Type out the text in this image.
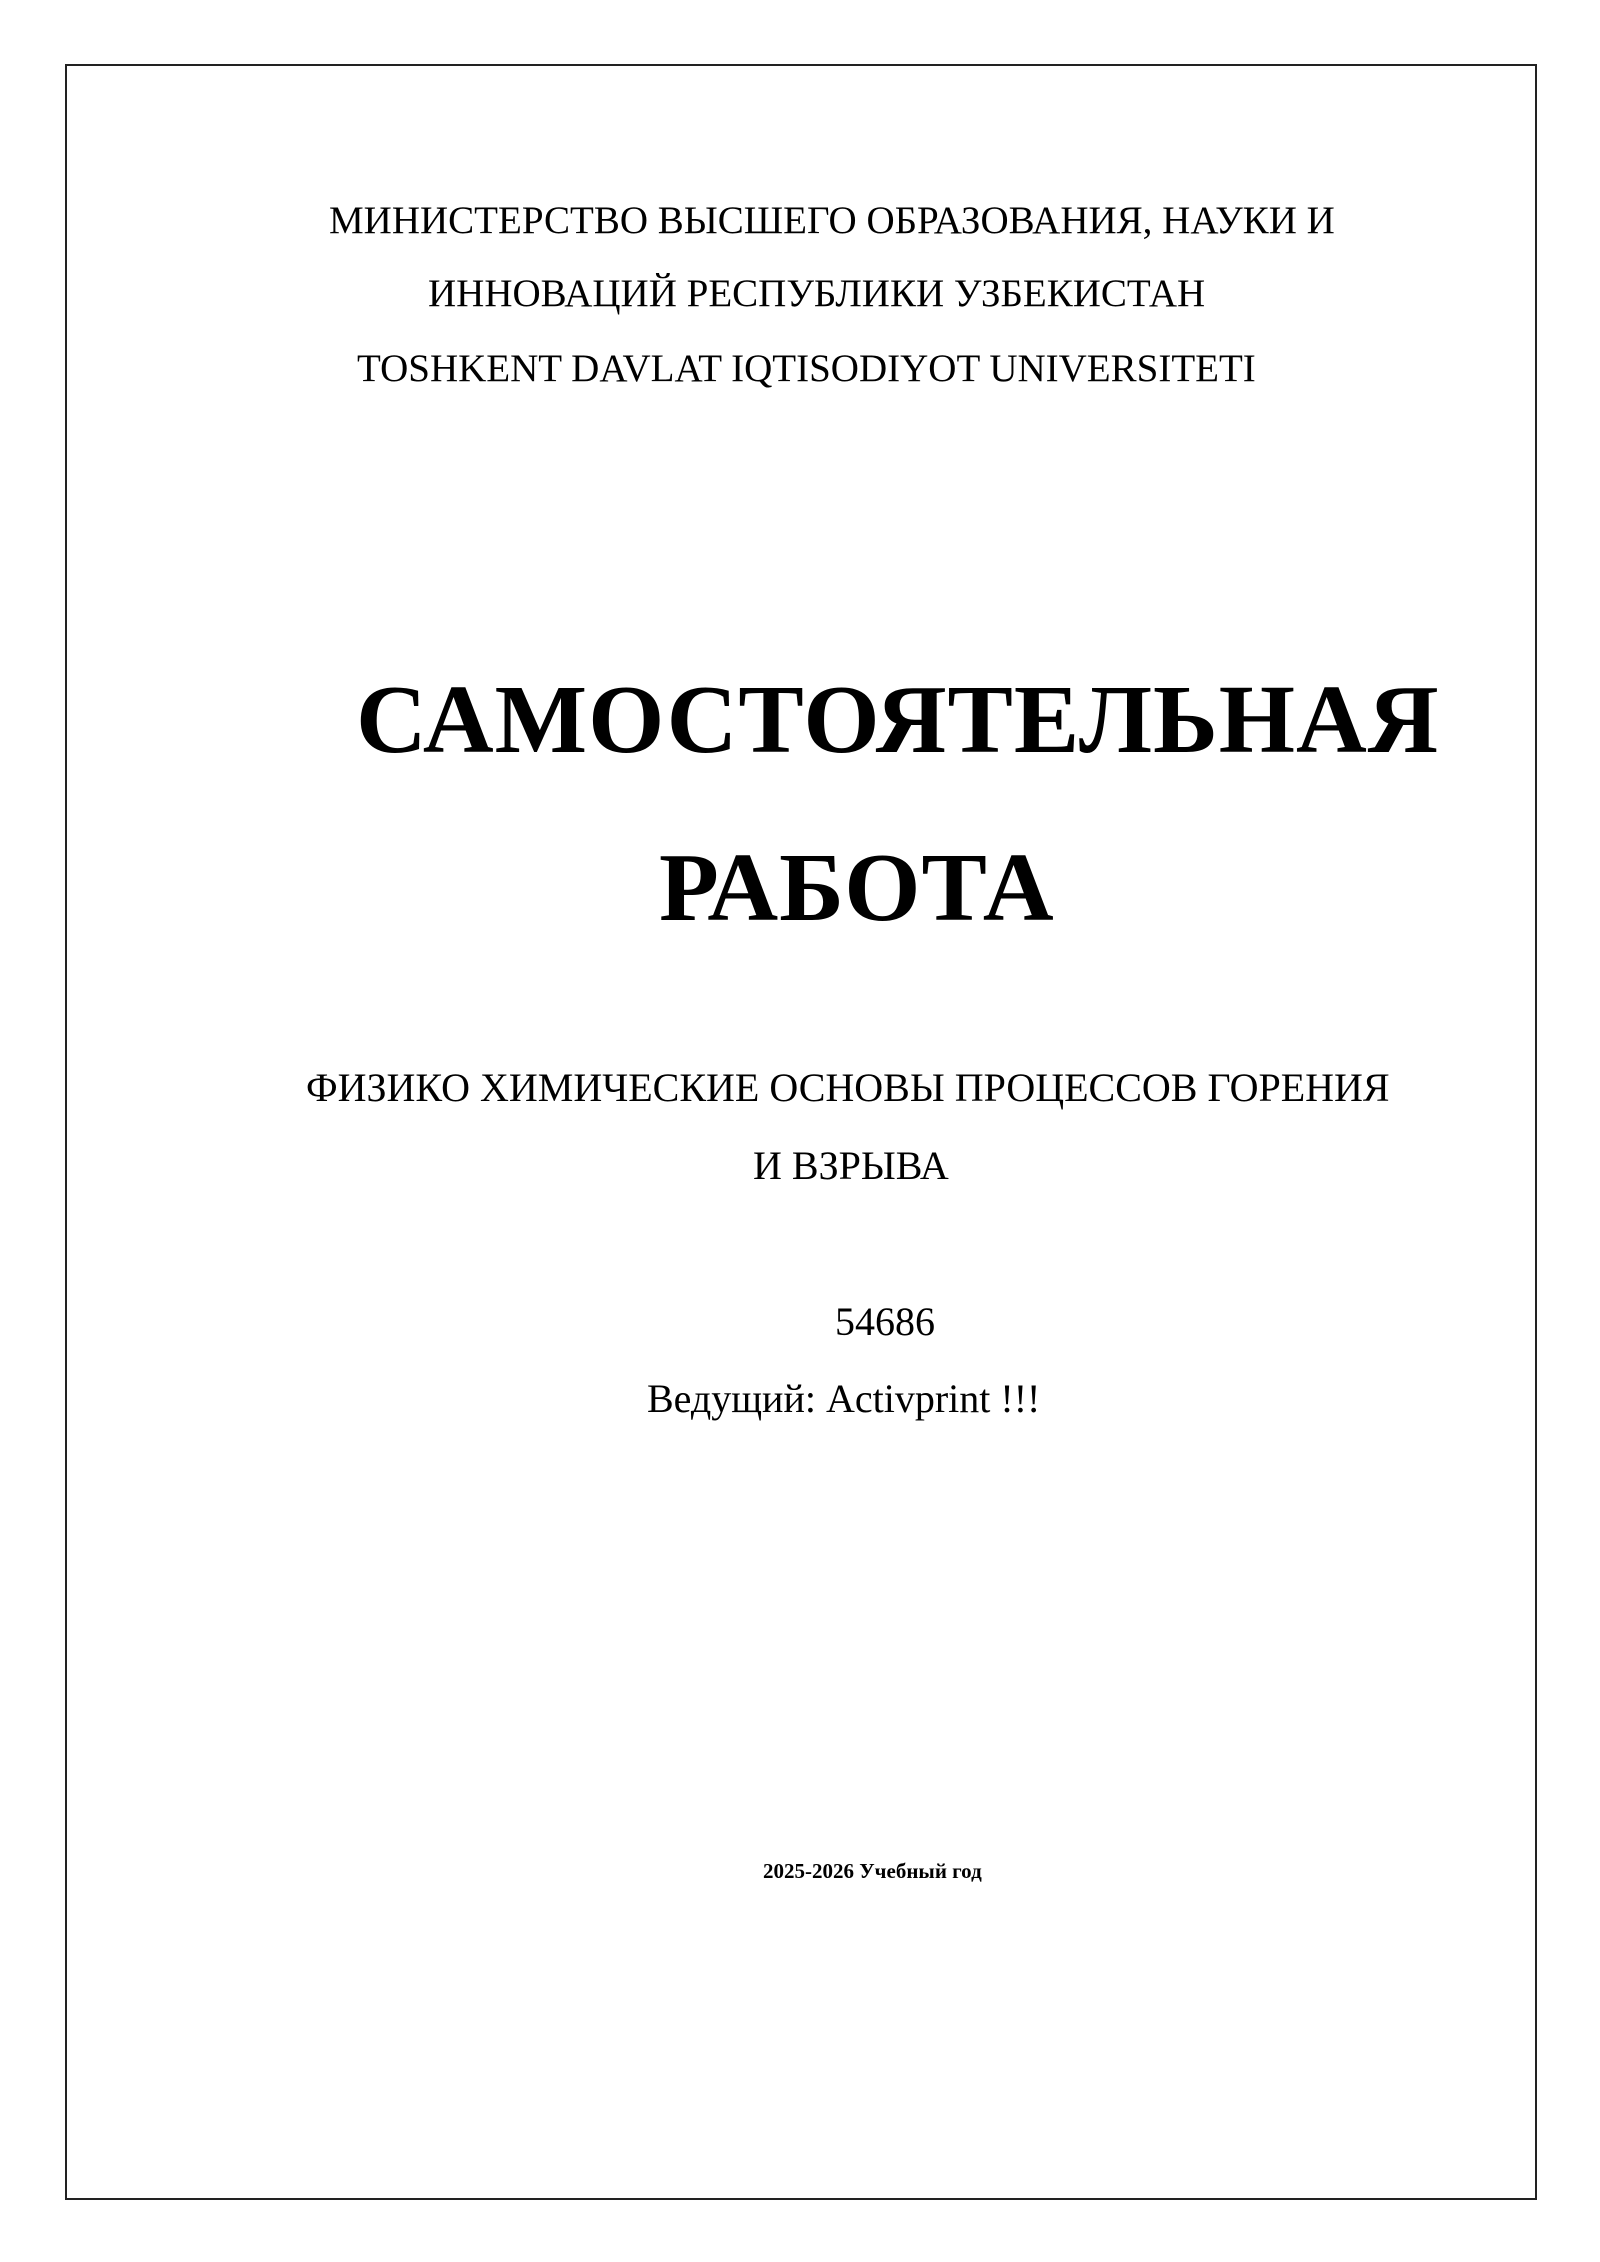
МИНИСТЕРСТВО ВЫСШЕГО ОБРАЗОВАНИЯ, НАУКИ И
ИННОВАЦИЙ РЕСПУБЛИКИ УЗБЕКИСТАН
TOSHKENT DAVLAT IQTISODIYOT UNIVERSITETI
САМОСТОЯТЕЛЬНАЯ
РАБОТА
ФИЗИКО ХИМИЧЕСКИЕ ОСНОВЫ ПРОЦЕССОВ ГОРЕНИЯ
И ВЗРЫВА
54686
Ведущий: Activprint !!!
2025-2026 Учебный год
